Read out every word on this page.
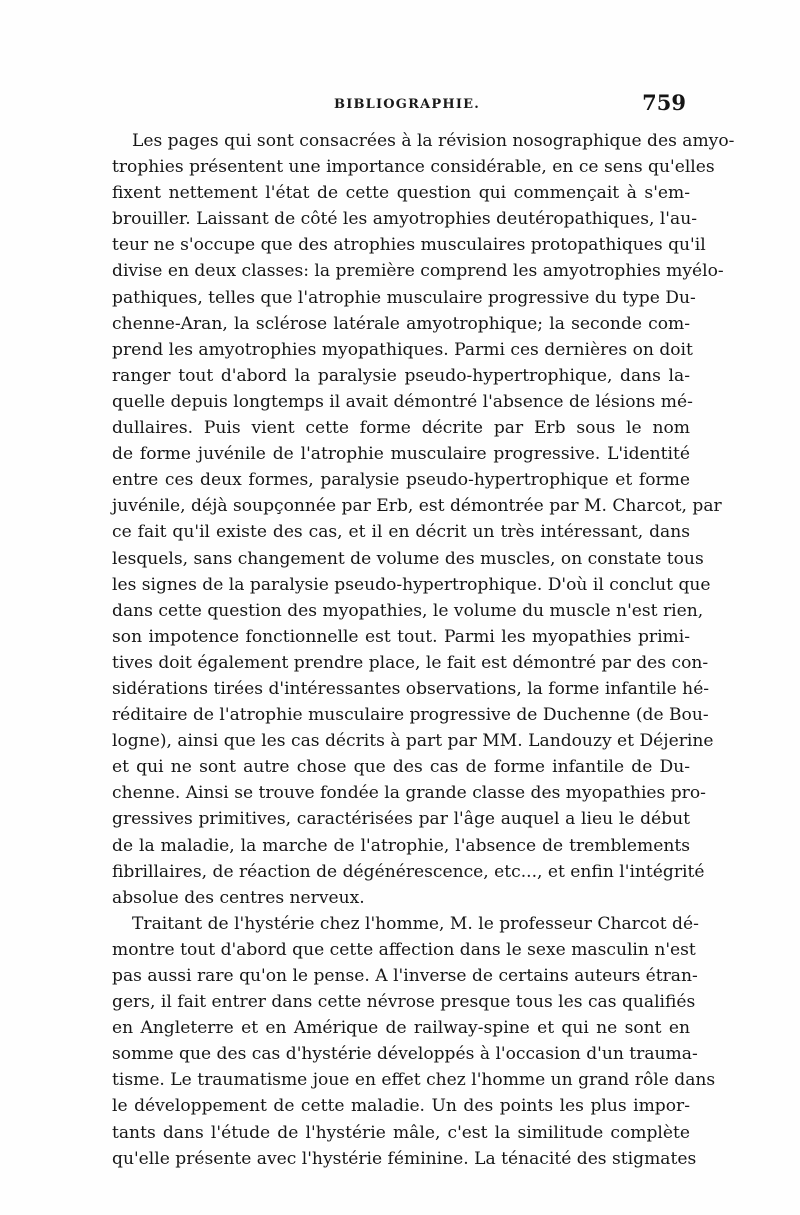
BIBLIOGRAPHIE.	759
Les pages qui sont consacrées à la révision nosographique des amyo-
trophies présentent une importance considérable, en ce sens qu'elles
fixent nettement l'état de cette question qui commençait à s'em-
brouiller. Laissant de côté les amyotrophies deutéropathiques, l'au-
teur ne s'occupe que des atrophies musculaires protopathiques qu'il
divise en deux classes: la première comprend les amyotrophies myélo-
pathiques, telles que l'atrophie musculaire progressive du type Du-
chenne-Aran, la sclérose latérale amyotrophique; la seconde com-
prend les amyotrophies myopathiques. Parmi ces dernières on doit
ranger tout d'abord la paralysie pseudo-hypertrophique, dans la-
quelle depuis longtemps il avait démontré l'absence de lésions mé-
dullaires. Puis vient cette forme décrite par Erb sous le nom
de forme juvénile de l'atrophie musculaire progressive. L'identité
entre ces deux formes, paralysie pseudo-hypertrophique et forme
juvénile, déjà soupçonnée par Erb, est démontrée par M. Charcot, par
ce fait qu'il existe des cas, et il en décrit un très intéressant, dans
lesquels, sans changement de volume des muscles, on constate tous
les signes de la paralysie pseudo-hypertrophique. D'où il conclut que
dans cette question des myopathies, le volume du muscle n'est rien,
son impotence fonctionnelle est tout. Parmi les myopathies primi-
tives doit également prendre place, le fait est démontré par des con-
sidérations tirées d'intéressantes observations, la forme infantile hé-
réditaire de l'atrophie musculaire progressive de Duchenne (de Bou-
logne), ainsi que les cas décrits à part par MM. Landouzy et Déjerine
et qui ne sont autre chose que des cas de forme infantile de Du-
chenne. Ainsi se trouve fondée la grande classe des myopathies pro-
gressives primitives, caractérisées par l'âge auquel a lieu le début
de la maladie, la marche de l'atrophie, l'absence de tremblements
fibrillaires, de réaction de dégénérescence, etc..., et enfin l'intégrité
absolue des centres nerveux.
Traitant de l'hystérie chez l'homme, M. le professeur Charcot dé-
montre tout d'abord que cette affection dans le sexe masculin n'est
pas aussi rare qu'on le pense. A l'inverse de certains auteurs étran-
gers, il fait entrer dans cette névrose presque tous les cas qualifiés
en Angleterre et en Amérique de railway-spine et qui ne sont en
somme que des cas d'hystérie développés à l'occasion d'un trauma-
tisme. Le traumatisme joue en effet chez l'homme un grand rôle dans
le développement de cette maladie. Un des points les plus impor-
tants dans l'étude de l'hystérie mâle, c'est la similitude complète
qu'elle présente avec l'hystérie féminine. La ténacité des stigmates
